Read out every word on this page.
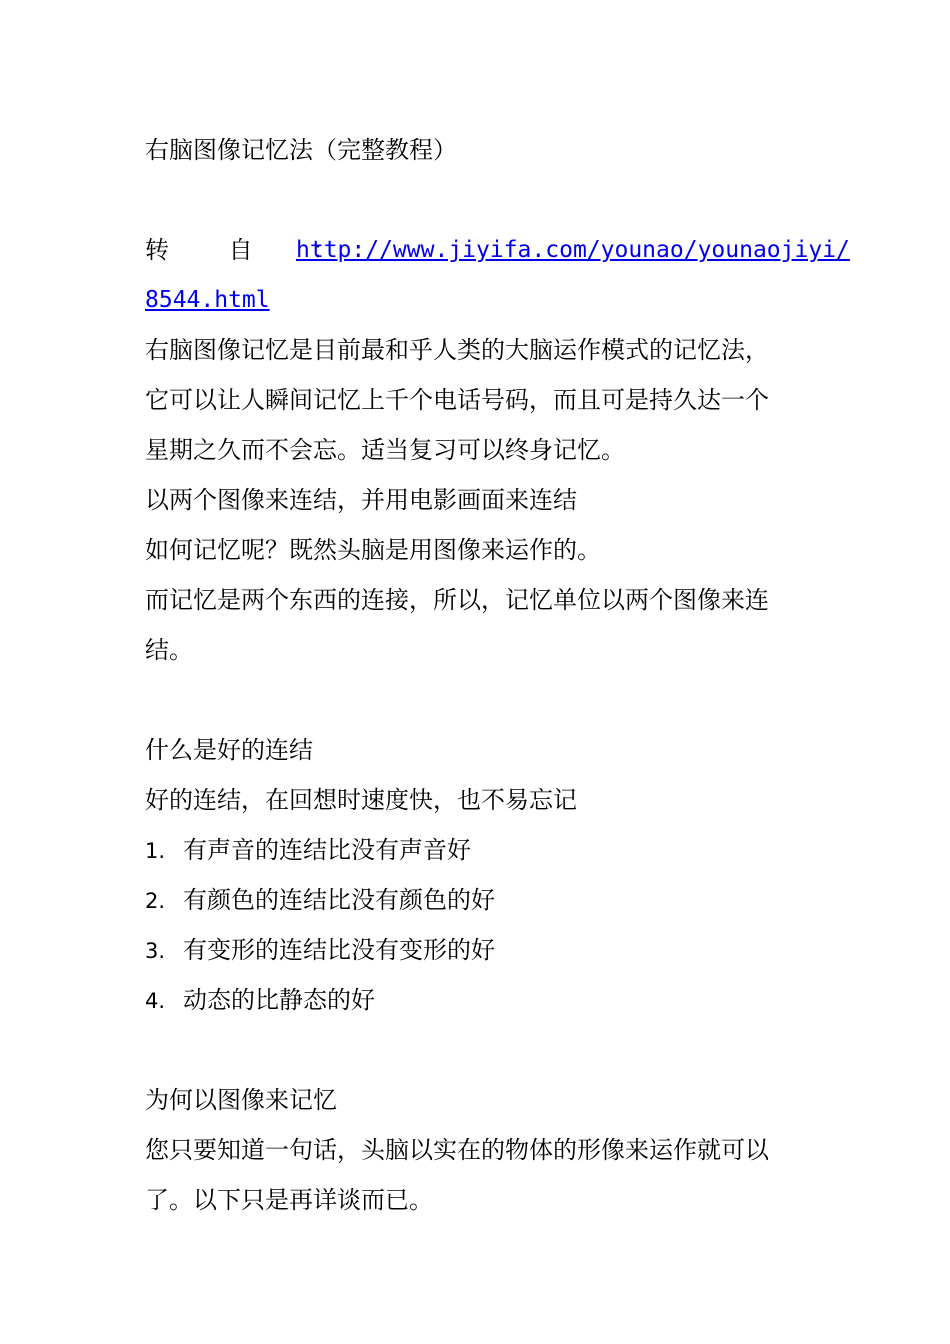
右脑图像记忆法（完整教程）
转 自 ：
http://www.jiyifa.com/younao/younaojiyi/
8544.html
右脑图像记忆是目前最和乎人类的大脑运作模式的记忆法，
它可以让人瞬间记忆上千个电话号码，而且可是持久达一个
星期之久而不会忘。适当复习可以终身记忆。
以两个图像来连结，并用电影画面来连结
如何记忆呢？既然头脑是用图像来运作的。
而记忆是两个东西的连接，所以，记忆单位以两个图像来连
结。
什么是好的连结
好的连结，在回想时速度快，也不易忘记
1. 有声音的连结比没有声音好
2. 有颜色的连结比没有颜色的好
3. 有变形的连结比没有变形的好
4. 动态的比静态的好
为何以图像来记忆
您只要知道一句话，头脑以实在的物体的形像来运作就可以
了。以下只是再详谈而已。
